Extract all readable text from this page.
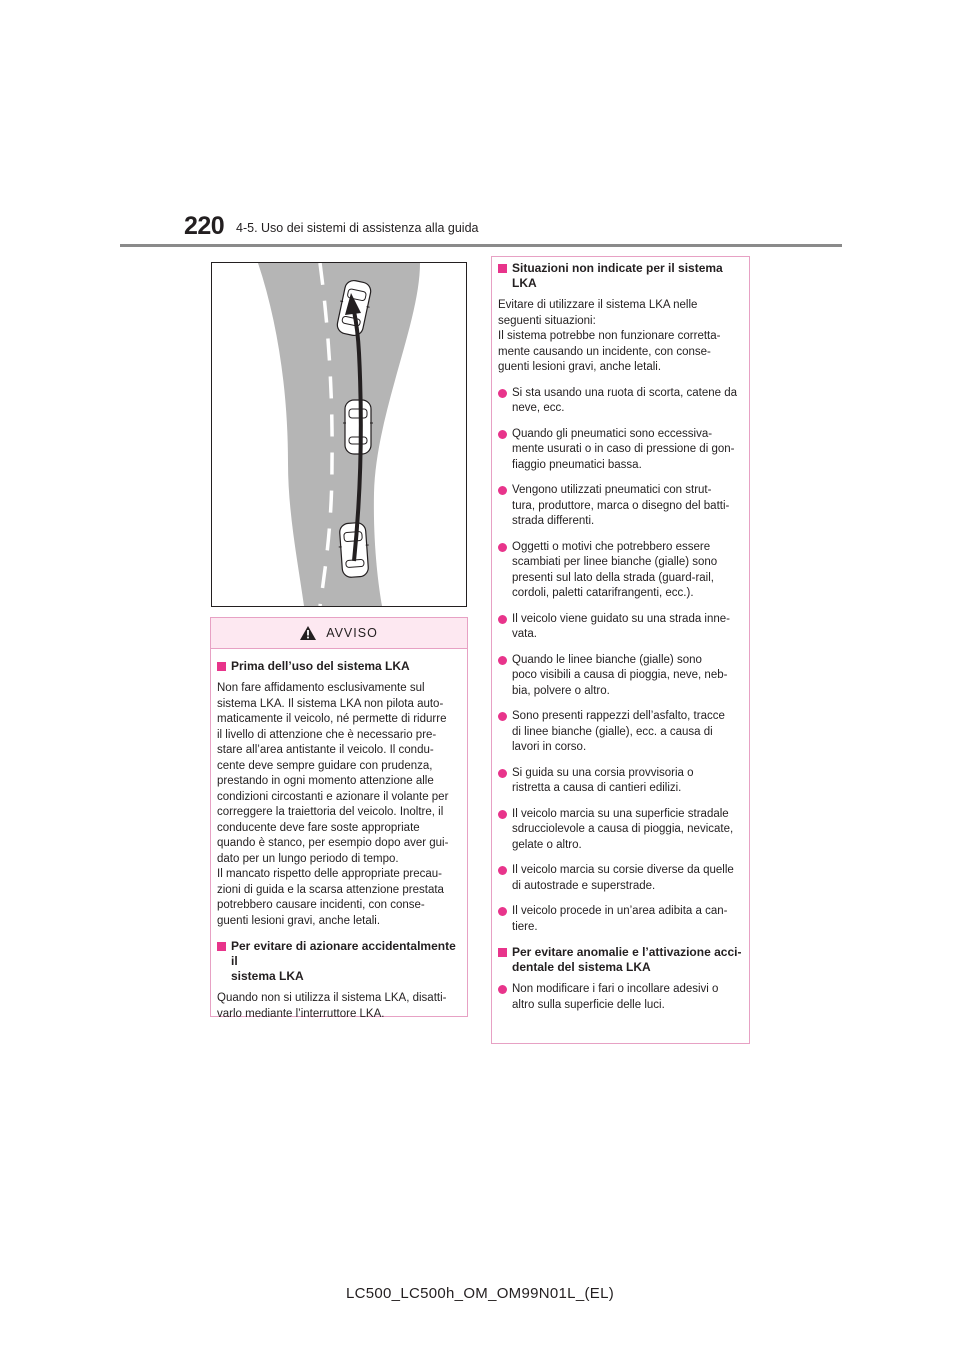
220 4-5. Uso dei sistemi di assistenza alla guida
AVVISO
Prima dell’uso del sistema LKA
Non fare affidamento esclusivamente sul
sistema LKA. Il sistema LKA non pilota auto-
maticamente il veicolo, né permette di ridurre
il livello di attenzione che è necessario pre-
stare all’area antistante il veicolo. Il condu-
cente deve sempre guidare con prudenza,
prestando in ogni momento attenzione alle
condizioni circostanti e azionare il volante per
correggere la traiettoria del veicolo. Inoltre, il
conducente deve fare soste appropriate
quando è stanco, per esempio dopo aver gui-
dato per un lungo periodo di tempo.
Il mancato rispetto delle appropriate precau-
zioni di guida e la scarsa attenzione prestata
potrebbero causare incidenti, con conse-
guenti lesioni gravi, anche letali.
Per evitare di azionare accidentalmente il
sistema LKA
Quando non si utilizza il sistema LKA, disatti-
varlo mediante l’interruttore LKA.
Situazioni non indicate per il sistema LKA
Evitare di utilizzare il sistema LKA nelle
seguenti situazioni:
Il sistema potrebbe non funzionare corretta-
mente causando un incidente, con conse-
guenti lesioni gravi, anche letali.
Si sta usando una ruota di scorta, catene da
neve, ecc.
Quando gli pneumatici sono eccessiva-
mente usurati o in caso di pressione di gon-
fiaggio pneumatici bassa.
Vengono utilizzati pneumatici con strut-
tura, produttore, marca o disegno del batti-
strada differenti.
Oggetti o motivi che potrebbero essere
scambiati per linee bianche (gialle) sono
presenti sul lato della strada (guard-rail,
cordoli, paletti catarifrangenti, ecc.).
Il veicolo viene guidato su una strada inne-
vata.
Quando le linee bianche (gialle) sono
poco visibili a causa di pioggia, neve, neb-
bia, polvere o altro.
Sono presenti rappezzi dell’asfalto, tracce
di linee bianche (gialle), ecc. a causa di
lavori in corso.
Si guida su una corsia provvisoria o
ristretta a causa di cantieri edilizi.
Il veicolo marcia su una superficie stradale
sdrucciolevole a causa di pioggia, nevicate,
gelate o altro.
Il veicolo marcia su corsie diverse da quelle
di autostrade e superstrade.
Il veicolo procede in un’area adibita a can-
tiere.
Per evitare anomalie e l’attivazione acci-
dentale del sistema LKA
Non modificare i fari o incollare adesivi o
altro sulla superficie delle luci.
LC500_LC500h_OM_OM99N01L_(EL)
